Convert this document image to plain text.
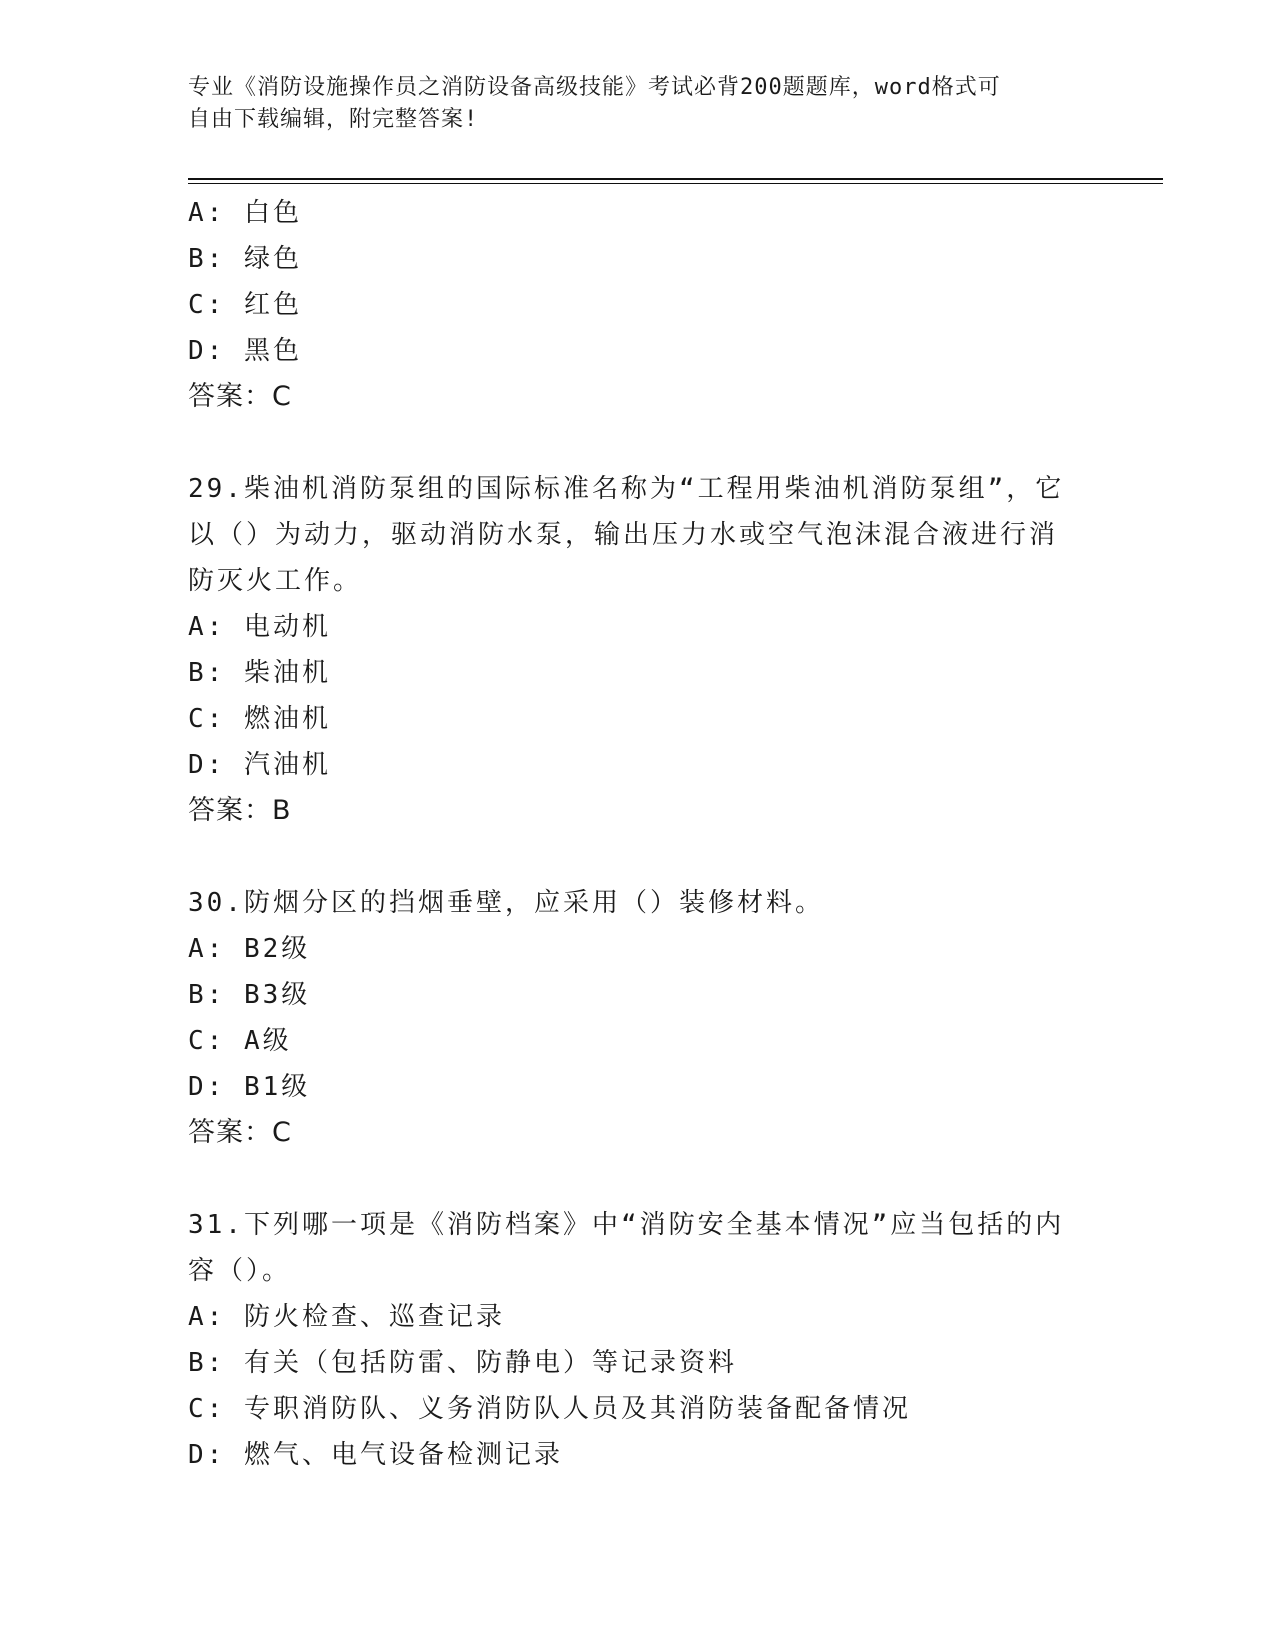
专业《消防设施操作员之消防设备高级技能》考试必背200题题库，word格式可
自由下载编辑，附完整答案!
A: 白色
B: 绿色
C: 红色
D: 黑色
答案：C
29.柴油机消防泵组的国际标准名称为“工程用柴油机消防泵组”，它
以（）为动力，驱动消防水泵，输出压力水或空气泡沫混合液进行消
防灭火工作。
A: 电动机
B: 柴油机
C: 燃油机
D: 汽油机
答案：B
30.防烟分区的挡烟垂壁，应采用（）装修材料。
A: B2级
B: B3级
C: A级
D: B1级
答案：C
31.下列哪一项是《消防档案》中“消防安全基本情况”应当包括的内
容（）。
A: 防火检查、巡查记录
B: 有关（包括防雷、防静电）等记录资料
C: 专职消防队、义务消防队人员及其消防装备配备情况
D: 燃气、电气设备检测记录
